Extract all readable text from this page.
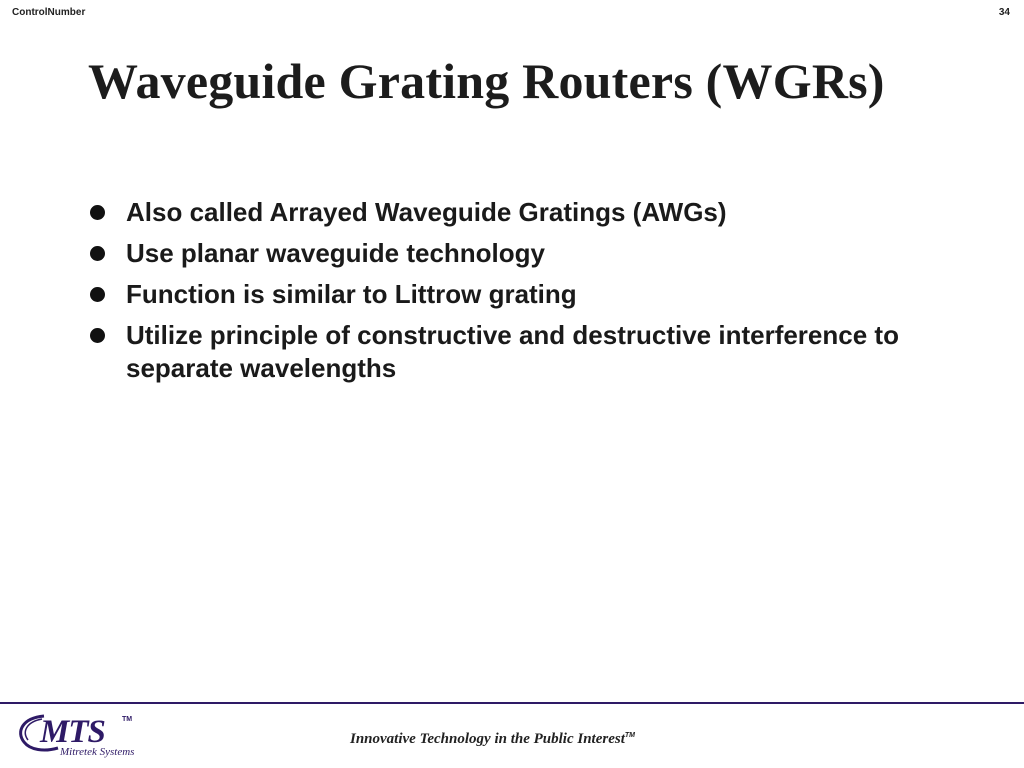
ControlNumber	34
Waveguide Grating Routers (WGRs)
Also called Arrayed Waveguide Gratings (AWGs)
Use planar waveguide technology
Function is similar to Littrow grating
Utilize principle of constructive and destructive interference to separate wavelengths
MTS TM
Mitretek Systems
Innovative Technology in the Public Interest™
